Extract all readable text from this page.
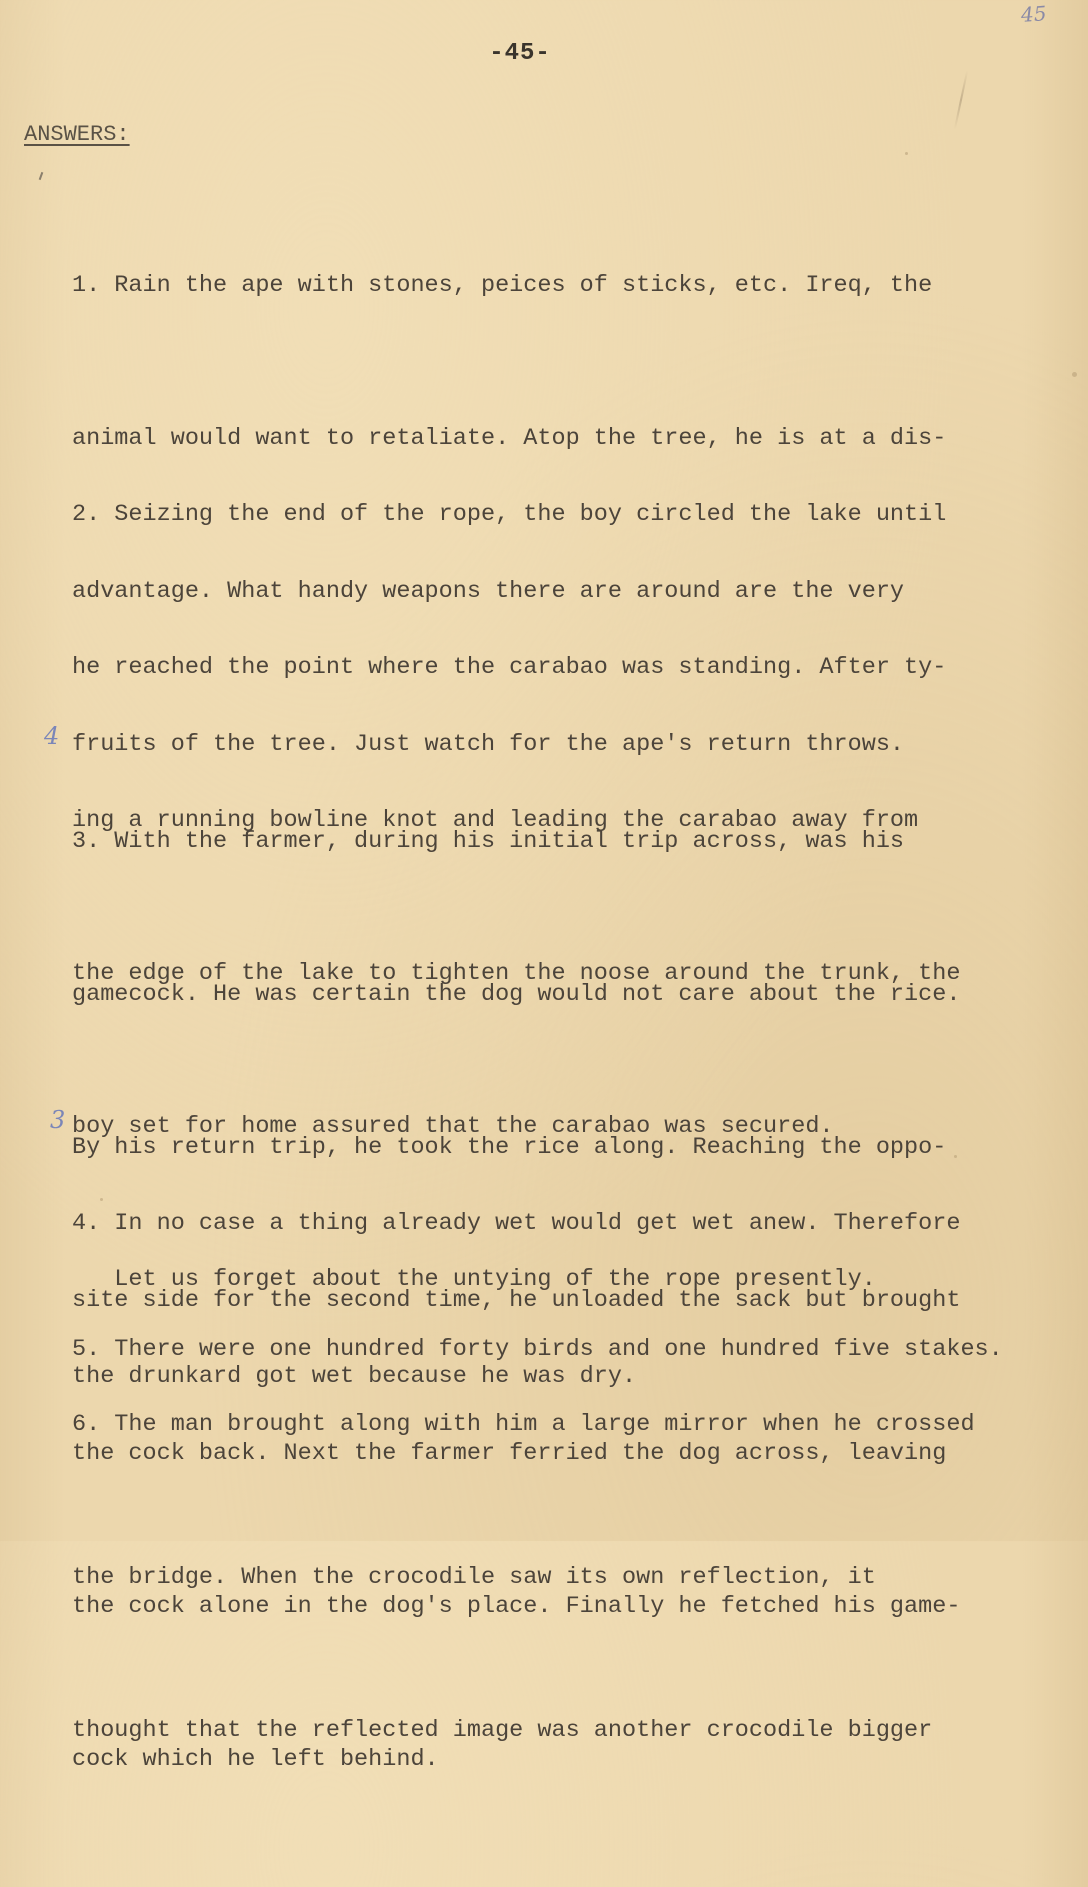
45
-45-
ANSWERS:

1. Rain the ape with stones, peices of sticks, etc. Ireq, the

animal would want to retaliate. Atop the tree, he is at a dis-

advantage. What handy weapons there are around are the very

fruits of the tree. Just watch for the ape's return throws.

2. Seizing the end of the rope, the boy circled the lake until

he reached the point where the carabao was standing. After ty-

ing a running bowline knot and leading the carabao away from

the edge of the lake to tighten the noose around the trunk, the

boy set for home assured that the carabao was secured.

Let us forget about the untying of the rope presently.

4

3. With the farmer, during his initial trip across, was his

gamecock. He was certain the dog would not care about the rice.

By his return trip, he took the rice along. Reaching the oppo-

site side for the second time, he unloaded the sack but brought

the cock back. Next the farmer ferried the dog across, leaving

the cock alone in the dog's place. Finally he fetched his game-

cock which he left behind.

3

4. In no case a thing already wet would get wet anew. Therefore

the drunkard got wet because he was dry.

5. There were one hundred forty birds and one hundred five stakes.

6. The man brought along with him a large mirror when he crossed

the bridge. When the crocodile saw its own reflection, it

thought that the reflected image was another crocodile bigger
